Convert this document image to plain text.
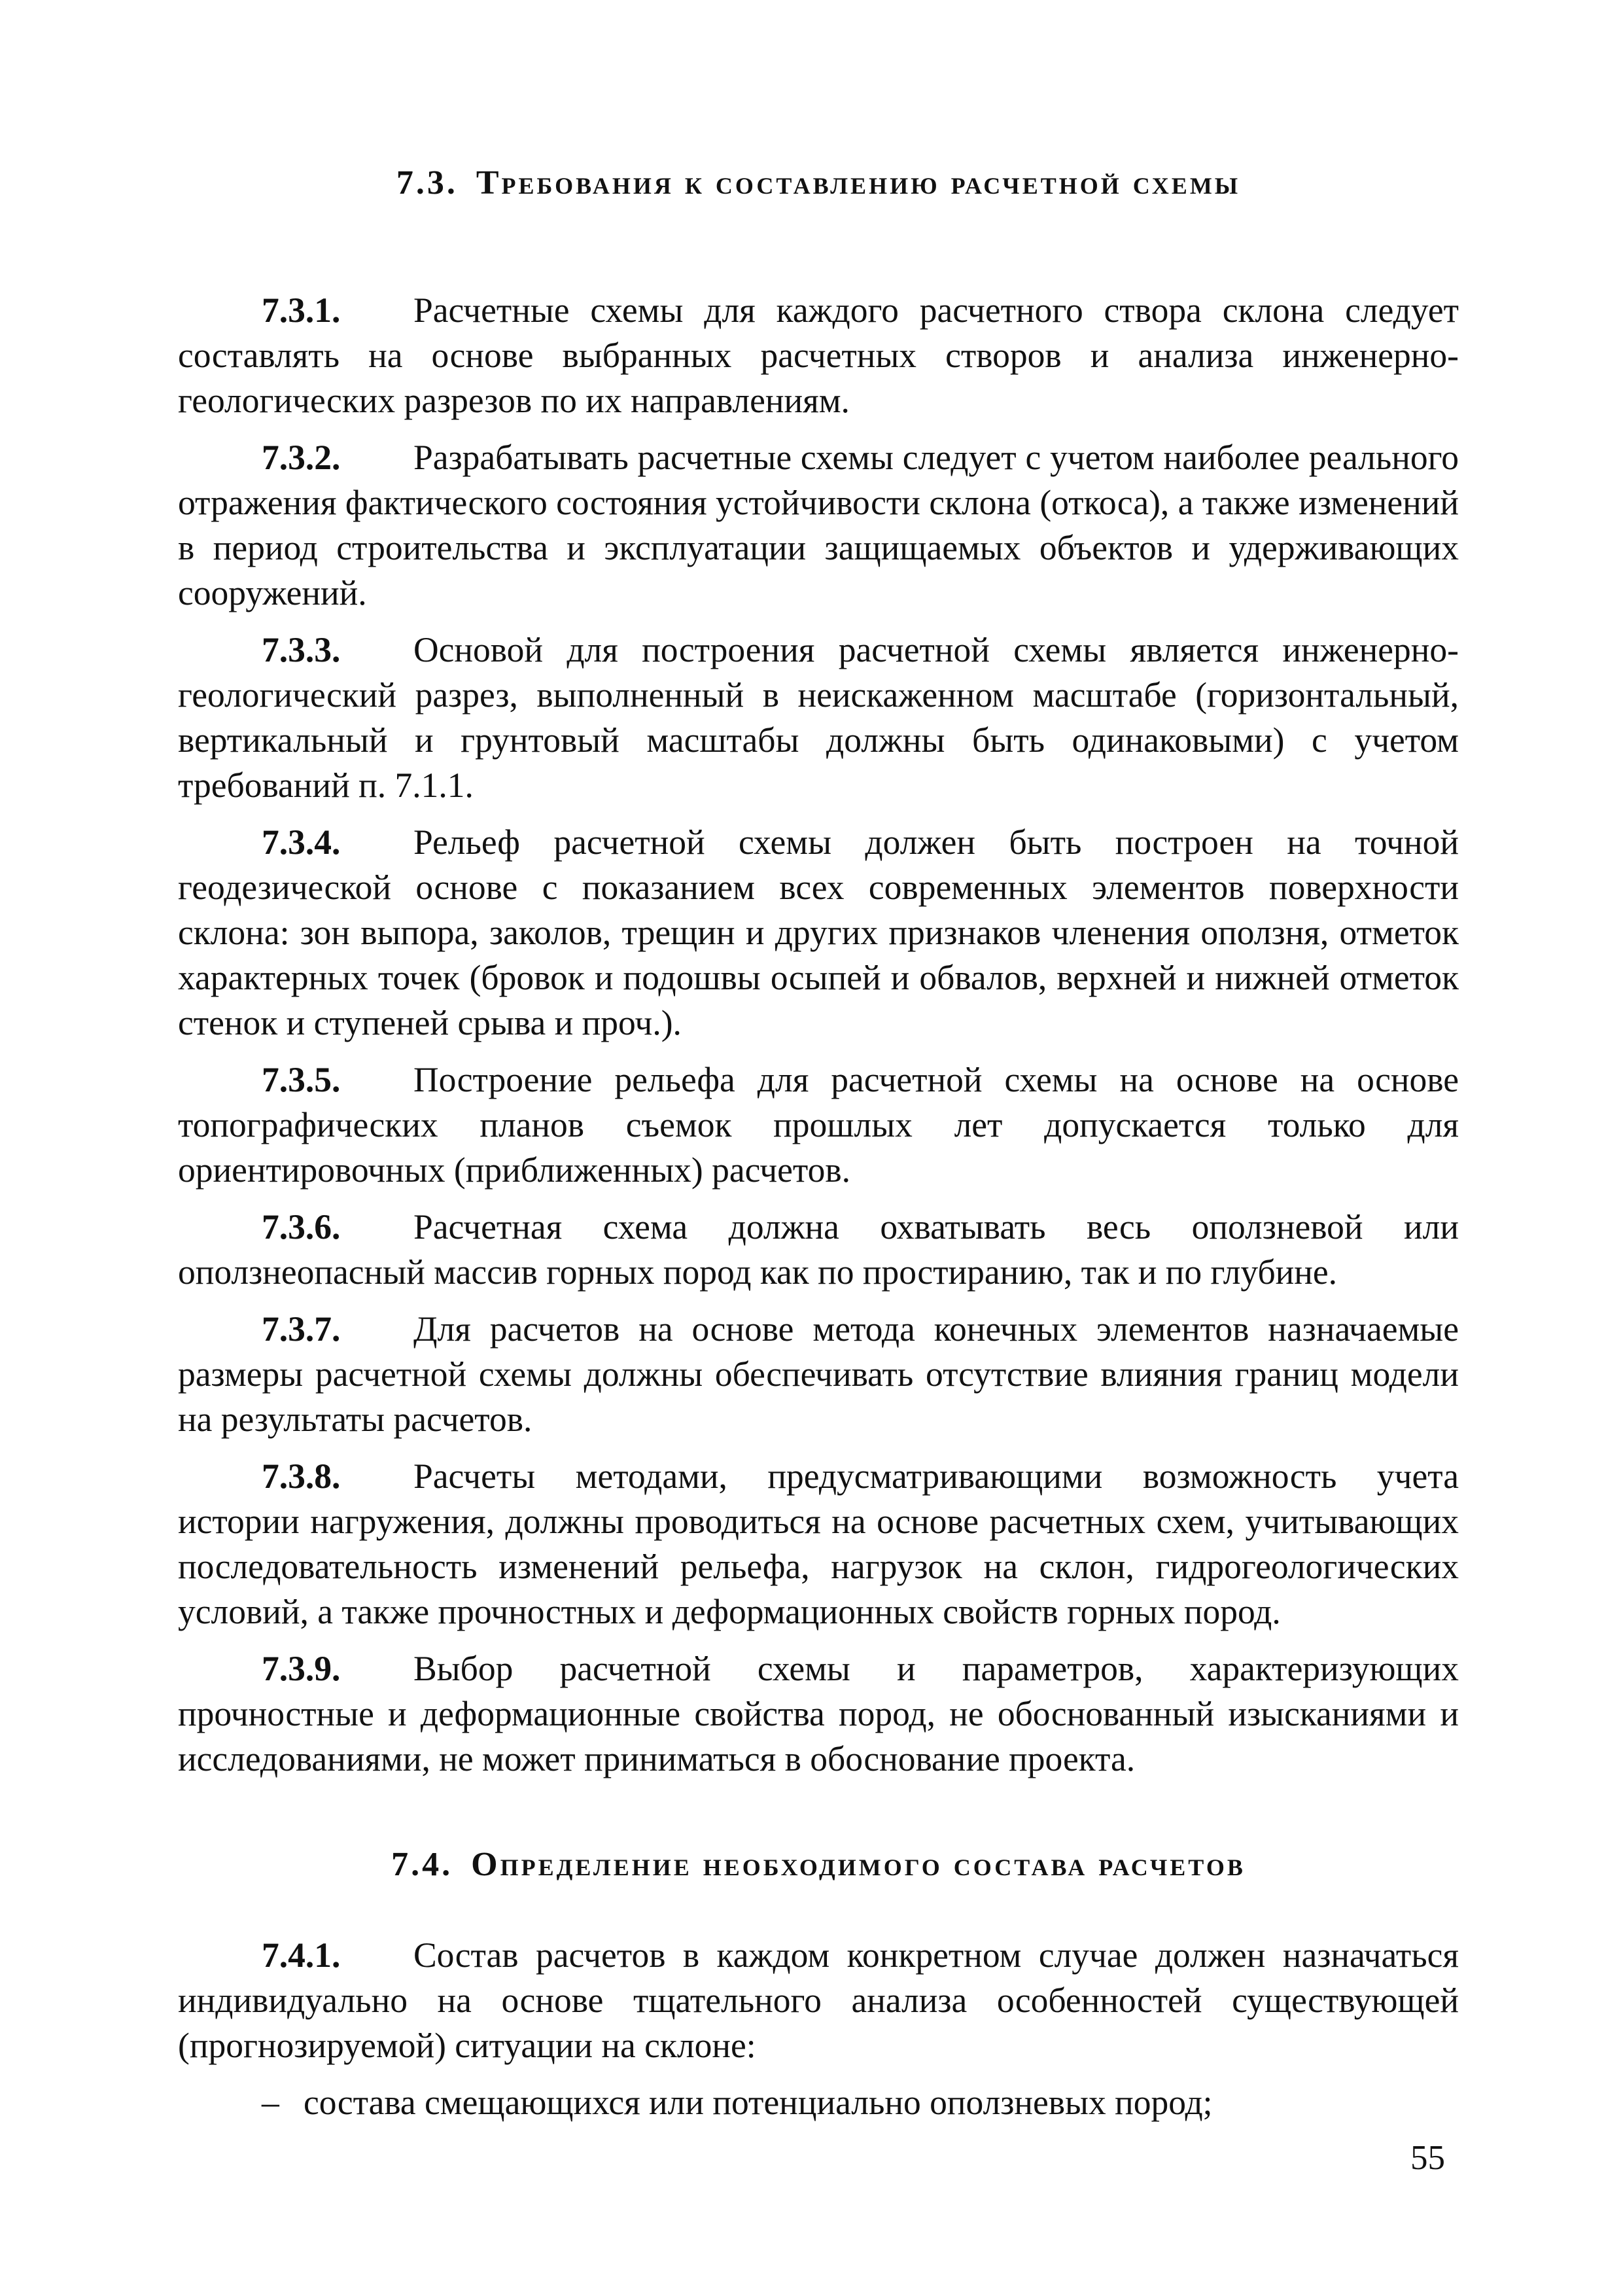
7.3. Требования к составлению расчетной схемы

7.3.1. Расчетные схемы для каждого расчетного створа склона следует составлять на основе выбранных расчетных створов и анализа инженерно-геологических разрезов по их направлениям.

7.3.2. Разрабатывать расчетные схемы следует с учетом наиболее реального отражения фактического состояния устойчивости склона (откоса), а также изменений в период строительства и эксплуатации защищаемых объектов и удерживающих сооружений.

7.3.3. Основой для построения расчетной схемы является инженерно-геологический разрез, выполненный в неискаженном масштабе (горизонтальный, вертикальный и грунтовый масштабы должны быть одинаковыми) с учетом требований п. 7.1.1.

7.3.4. Рельеф расчетной схемы должен быть построен на точной геодезической основе с показанием всех современных элементов поверхности склона: зон выпора, заколов, трещин и других признаков членения оползня, отметок характерных точек (бровок и подошвы осыпей и обвалов, верхней и нижней отметок стенок и ступеней срыва и проч.).

7.3.5. Построение рельефа для расчетной схемы на основе на основе топографических планов съемок прошлых лет допускается только для ориентировочных (приближенных) расчетов.

7.3.6. Расчетная схема должна охватывать весь оползневой или оползнеопасный массив горных пород как по простиранию, так и по глубине.

7.3.7. Для расчетов на основе метода конечных элементов назначаемые размеры расчетной схемы должны обеспечивать отсутствие влияния границ модели на результаты расчетов.

7.3.8. Расчеты методами, предусматривающими возможность учета истории нагружения, должны проводиться на основе расчетных схем, учитывающих последовательность изменений рельефа, нагрузок на склон, гидрогеологических условий, а также прочностных и деформационных свойств горных пород.

7.3.9. Выбор расчетной схемы и параметров, характеризующих прочностные и деформационные свойства пород, не обоснованный изысканиями и исследованиями, не может приниматься в обоснование проекта.

7.4. Определение необходимого состава расчетов

7.4.1. Состав расчетов в каждом конкретном случае должен назначаться индивидуально на основе тщательного анализа особенностей существующей (прогнозируемой) ситуации на склоне:

– состава смещающихся или потенциально оползневых пород;

55
